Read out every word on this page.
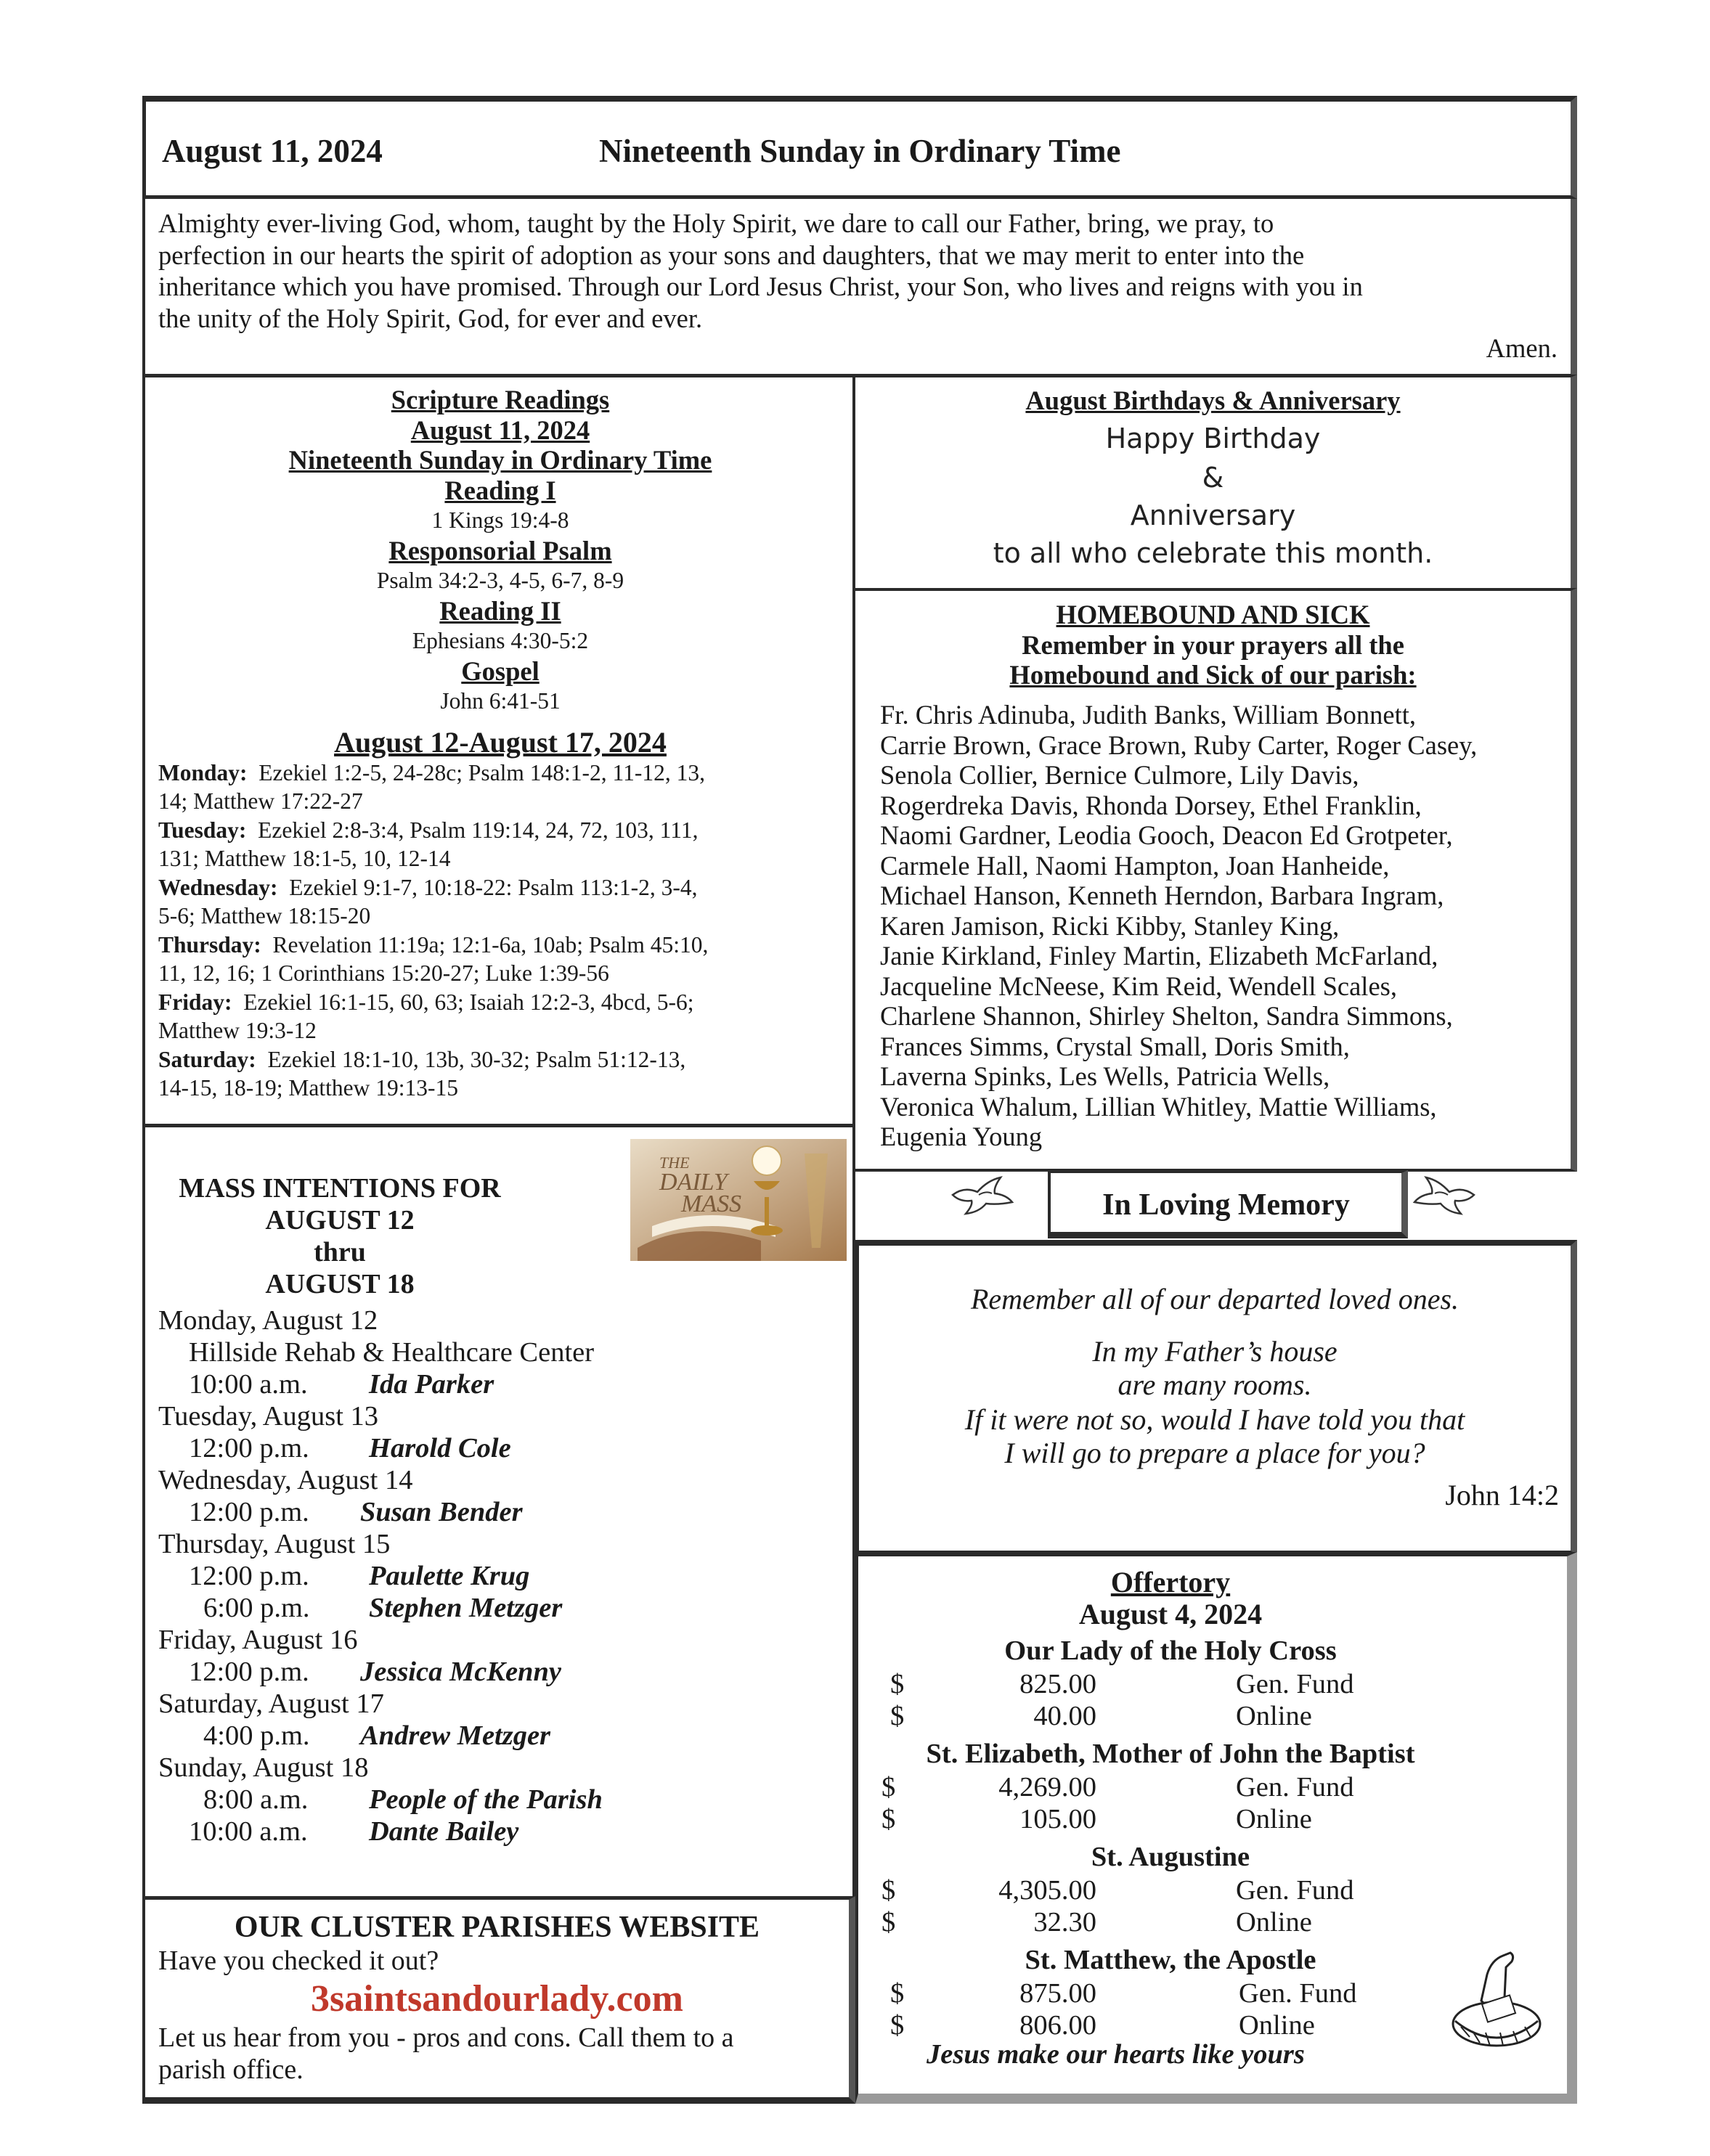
August 11, 2024	Nineteenth Sunday in Ordinary Time
Almighty ever-living God, whom, taught by the Holy Spirit, we dare to call our Father, bring, we pray, to
perfection in our hearts the spirit of adoption as your sons and daughters, that we may merit to enter into the
inheritance which you have promised. Through our Lord Jesus Christ, your Son, who lives and reigns with you in
the unity of the Holy Spirit, God, for ever and ever.
Amen.
Scripture Readings
August 11, 2024
Nineteenth Sunday in Ordinary Time
Reading I
1 Kings 19:4-8
Responsorial Psalm
Psalm 34:2-3, 4-5, 6-7, 8-9
Reading II
Ephesians 4:30-5:2
Gospel
John 6:41-51
August 12-August 17, 2024
Monday:  Ezekiel 1:2-5, 24-28c; Psalm 148:1-2, 11-12, 13,
14; Matthew 17:22-27
Tuesday:  Ezekiel 2:8-3:4, Psalm 119:14, 24, 72, 103, 111,
131; Matthew 18:1-5, 10, 12-14
Wednesday:  Ezekiel 9:1-7, 10:18-22: Psalm 113:1-2, 3-4,
5-6; Matthew 18:15-20
Thursday:  Revelation 11:19a; 12:1-6a, 10ab; Psalm 45:10,
11, 12, 16; 1 Corinthians 15:20-27; Luke 1:39-56
Friday:  Ezekiel 16:1-15, 60, 63; Isaiah 12:2-3, 4bcd, 5-6;
Matthew 19:3-12
Saturday:  Ezekiel 18:1-10, 13b, 30-32; Psalm 51:12-13,
14-15, 18-19; Matthew 19:13-15
August Birthdays & Anniversary
Happy Birthday
&
Anniversary
to all who celebrate this month.
HOMEBOUND AND SICK
Remember in your prayers all the
Homebound and Sick of our parish:
Fr. Chris Adinuba, Judith Banks, William Bonnett,
Carrie Brown, Grace Brown, Ruby Carter, Roger Casey,
Senola Collier, Bernice Culmore, Lily Davis,
Rogerdreka Davis, Rhonda Dorsey, Ethel Franklin,
Naomi Gardner, Leodia Gooch, Deacon Ed Grotpeter,
Carmele Hall, Naomi Hampton, Joan Hanheide,
Michael Hanson, Kenneth Herndon, Barbara Ingram,
Karen Jamison, Ricki Kibby, Stanley King,
Janie Kirkland, Finley Martin, Elizabeth McFarland,
Jacqueline McNeese, Kim Reid, Wendell Scales,
Charlene Shannon, Shirley Shelton, Sandra Simmons,
Frances Simms, Crystal Small, Doris Smith,
Laverna Spinks, Les Wells, Patricia Wells,
Veronica Whalum, Lillian Whitley, Mattie Williams,
Eugenia Young
In Loving Memory
Remember all of our departed loved ones.
In my Father’s house
are many rooms.
If it were not so, would I have told you that
I will go to prepare a place for you?
John 14:2
MASS INTENTIONS FOR
AUGUST 12
thru
AUGUST 18
THE
DAILY
MASS
Monday, August 12
Hillside Rehab & Healthcare Center
10:00 a.m. Ida Parker
Tuesday, August 13
12:00 p.m. Harold Cole
Wednesday, August 14
12:00 p.m. Susan Bender
Thursday, August 15
12:00 p.m. Paulette Krug
6:00 p.m. Stephen Metzger
Friday, August 16
12:00 p.m. Jessica McKenny
Saturday, August 17
4:00 p.m. Andrew Metzger
Sunday, August 18
8:00 a.m. People of the Parish
10:00 a.m. Dante Bailey
OUR CLUSTER PARISHES WEBSITE
Have you checked it out?
3saintsandourlady.com
Let us hear from you - pros and cons. Call them to a
parish office.
Offertory
August 4, 2024
Our Lady of the Holy Cross
$	825.00	Gen. Fund
$	40.00	Online
St. Elizabeth, Mother of John the Baptist
$	4,269.00	Gen. Fund
$	105.00	Online
St. Augustine
$	4,305.00	Gen. Fund
$	32.30	Online
St. Matthew, the Apostle
$	875.00	Gen. Fund
$	806.00	Online
Jesus make our hearts like yours
